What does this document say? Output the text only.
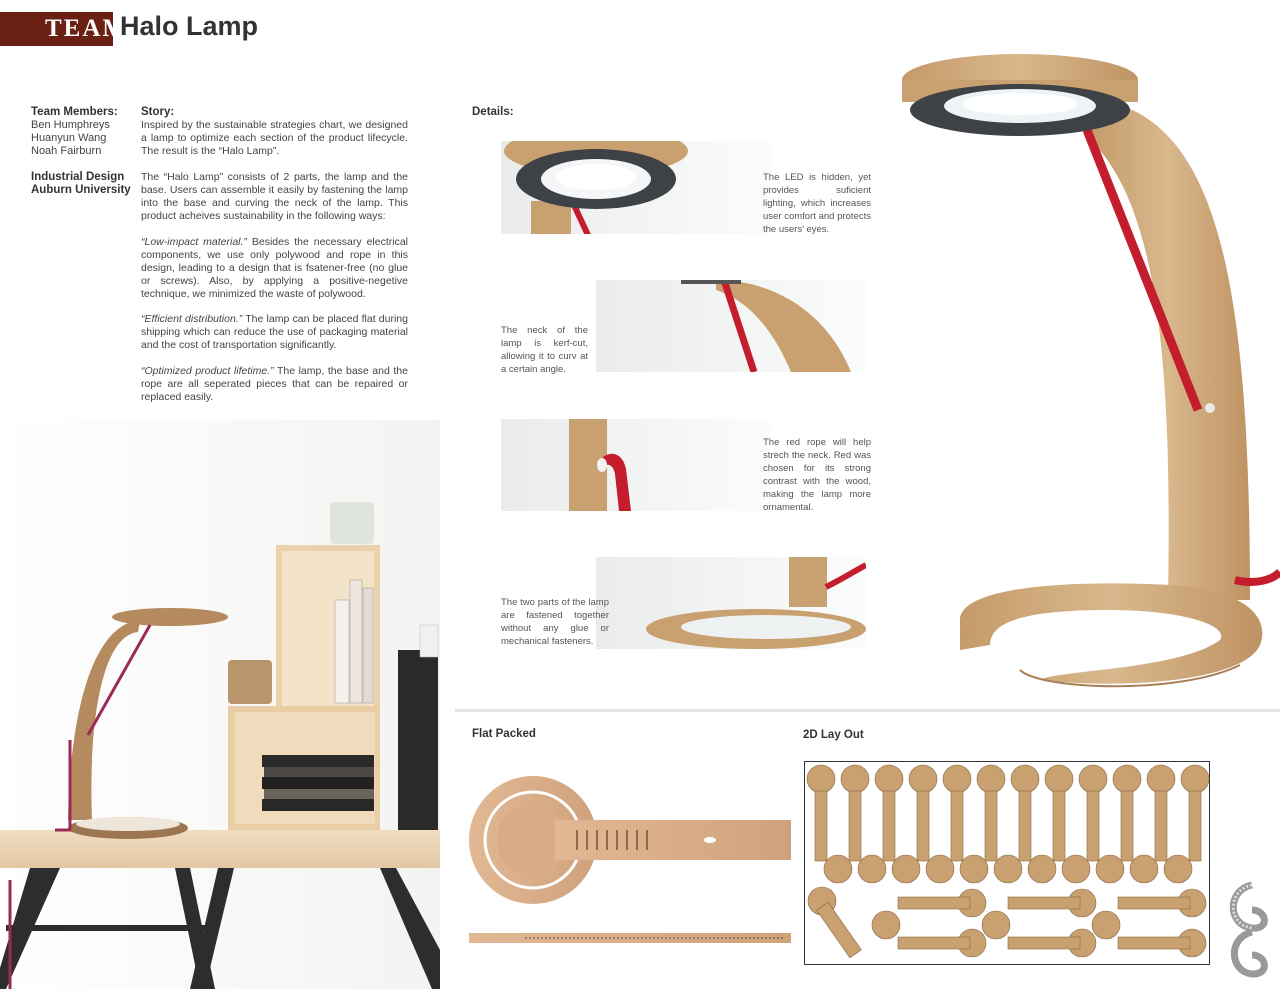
TEAM
Halo Lamp
Team Members:
Ben Humphreys
Huanyun Wang
Noah Fairburn
Industrial Design
Auburn University
Story:
Inspired by the sustainable strategies chart, we designed a lamp to optimize each section of the product lifecycle. The result is the “Halo Lamp”.
The “Halo Lamp” consists of 2 parts, the lamp and the base. Users can assemble it easily by fastening the lamp into the base and curving the neck of the lamp. This product acheives sustainability in the following ways:
“Low-impact material.” Besides the necessary electrical components, we use only polywood and rope in this design, leading to a design that is fsatener-free (no glue or screws). Also, by applying a positive-negetive technique, we minimized the waste of polywood.
“Efficient distribution.” The lamp can be placed flat during shipping which can reduce the use of packaging material and the cost of transportation significantly.
“Optimized product lifetime.” The lamp, the base and the rope are all seperated pieces that can be repaired or replaced easily.
Details:
The LED is hidden, yet provides suficient lighting, which increases user comfort and protects the users’ eyes.
The neck of the lamp is kerf-cut, allowing it to curv at a certain angle.
The red rope will help strech the neck. Red was chosen for its strong contrast with the wood, making the lamp more ornamental.
The two parts of the lamp are fastened together without any glue or mechanical fasteners.
Flat Packed	2D Lay Out
